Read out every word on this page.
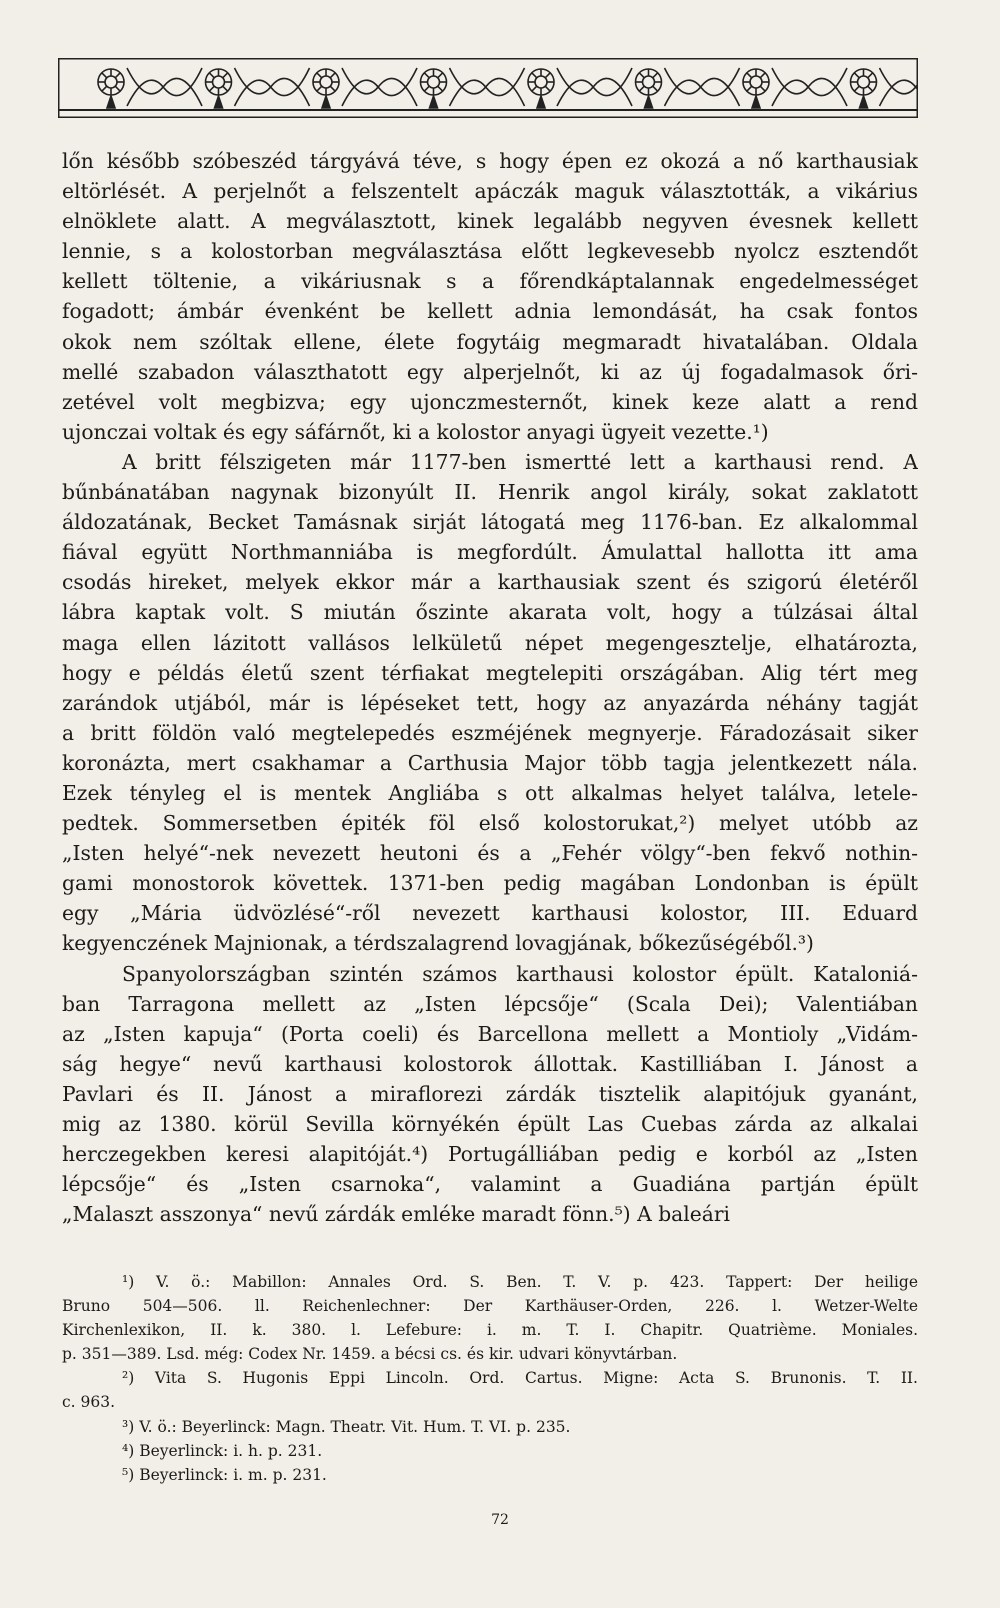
lőn később szóbeszéd tárgyává téve, s hogy épen ez okozá a nő karthausiak
eltörlését. A perjelnőt a felszentelt apáczák maguk választották, a vikárius
elnöklete alatt. A megválasztott, kinek legalább negyven évesnek kellett
lennie, s a kolostorban megválasztása előtt legkevesebb nyolcz esztendőt
kellett töltenie, a vikáriusnak s a főrendkáptalannak engedelmességet
fogadott; ámbár évenként be kellett adnia lemondását, ha csak fontos
okok nem szóltak ellene, élete fogytáig megmaradt hivatalában. Oldala
mellé szabadon választhatott egy alperjelnőt, ki az új fogadalmasok őri-
zetével volt megbizva; egy ujonczmesternőt, kinek keze alatt a rend
ujonczai voltak és egy sáfárnőt, ki a kolostor anyagi ügyeit vezette.¹)
A britt félszigeten már 1177-ben ismertté lett a karthausi rend. A
bűnbánatában nagynak bizonyúlt II. Henrik angol király, sokat zaklatott
áldozatának, Becket Tamásnak sirját látogatá meg 1176-ban. Ez alkalommal
fiával együtt Northmanniába is megfordúlt. Ámulattal hallotta itt ama
csodás hireket, melyek ekkor már a karthausiak szent és szigorú életéről
lábra kaptak volt. S miután őszinte akarata volt, hogy a túlzásai által
maga ellen lázitott vallásos lelkületű népet megengesztelje, elhatározta,
hogy e példás életű szent térfiakat megtelepiti országában. Alig tért meg
zarándok utjából, már is lépéseket tett, hogy az anyazárda néhány tagját
a britt földön való megtelepedés eszméjének megnyerje. Fáradozásait siker
koronázta, mert csakhamar a Carthusia Major több tagja jelentkezett nála.
Ezek tényleg el is mentek Angliába s ott alkalmas helyet találva, letele-
pedtek. Sommersetben épiték föl első kolostorukat,²) melyet utóbb az
„Isten helyé“-nek nevezett heutoni és a „Fehér völgy“-ben fekvő nothin-
gami monostorok követtek. 1371-ben pedig magában Londonban is épült
egy „Mária üdvözlésé“-ről nevezett karthausi kolostor, III. Eduard
kegyenczének Majnionak, a térdszalagrend lovagjának, bőkezűségéből.³)
Spanyolországban szintén számos karthausi kolostor épült. Kataloniá-
ban Tarragona mellett az „Isten lépcsője“ (Scala Dei); Valentiában
az „Isten kapuja“ (Porta coeli) és Barcellona mellett a Montioly „Vidám-
ság hegye“ nevű karthausi kolostorok állottak. Kastilliában I. Jánost a
Pavlari és II. Jánost a miraflorezi zárdák tisztelik alapitójuk gyanánt,
mig az 1380. körül Sevilla környékén épült Las Cuebas zárda az alkalai
herczegekben keresi alapitóját.⁴) Portugálliában pedig e korból az „Isten
lépcsője“ és „Isten csarnoka“, valamint a Guadiána partján épült
„Malaszt asszonya“ nevű zárdák emléke maradt fönn.⁵) A baleári
¹) V. ö.: Mabillon: Annales Ord. S. Ben. T. V. p. 423. Tappert: Der heilige
Bruno 504—506. ll. Reichenlechner: Der Karthäuser-Orden, 226. l. Wetzer-Welte
Kirchenlexikon, II. k. 380. l. Lefebure: i. m. T. I. Chapitr. Quatrième. Moniales.
p. 351—389. Lsd. még: Codex Nr. 1459. a bécsi cs. és kir. udvari könyvtárban.
²) Vita S. Hugonis Eppi Lincoln. Ord. Cartus. Migne: Acta S. Brunonis. T. II.
c. 963.
³) V. ö.: Beyerlinck: Magn. Theatr. Vit. Hum. T. VI. p. 235.
⁴) Beyerlinck: i. h. p. 231.
⁵) Beyerlinck: i. m. p. 231.
72
